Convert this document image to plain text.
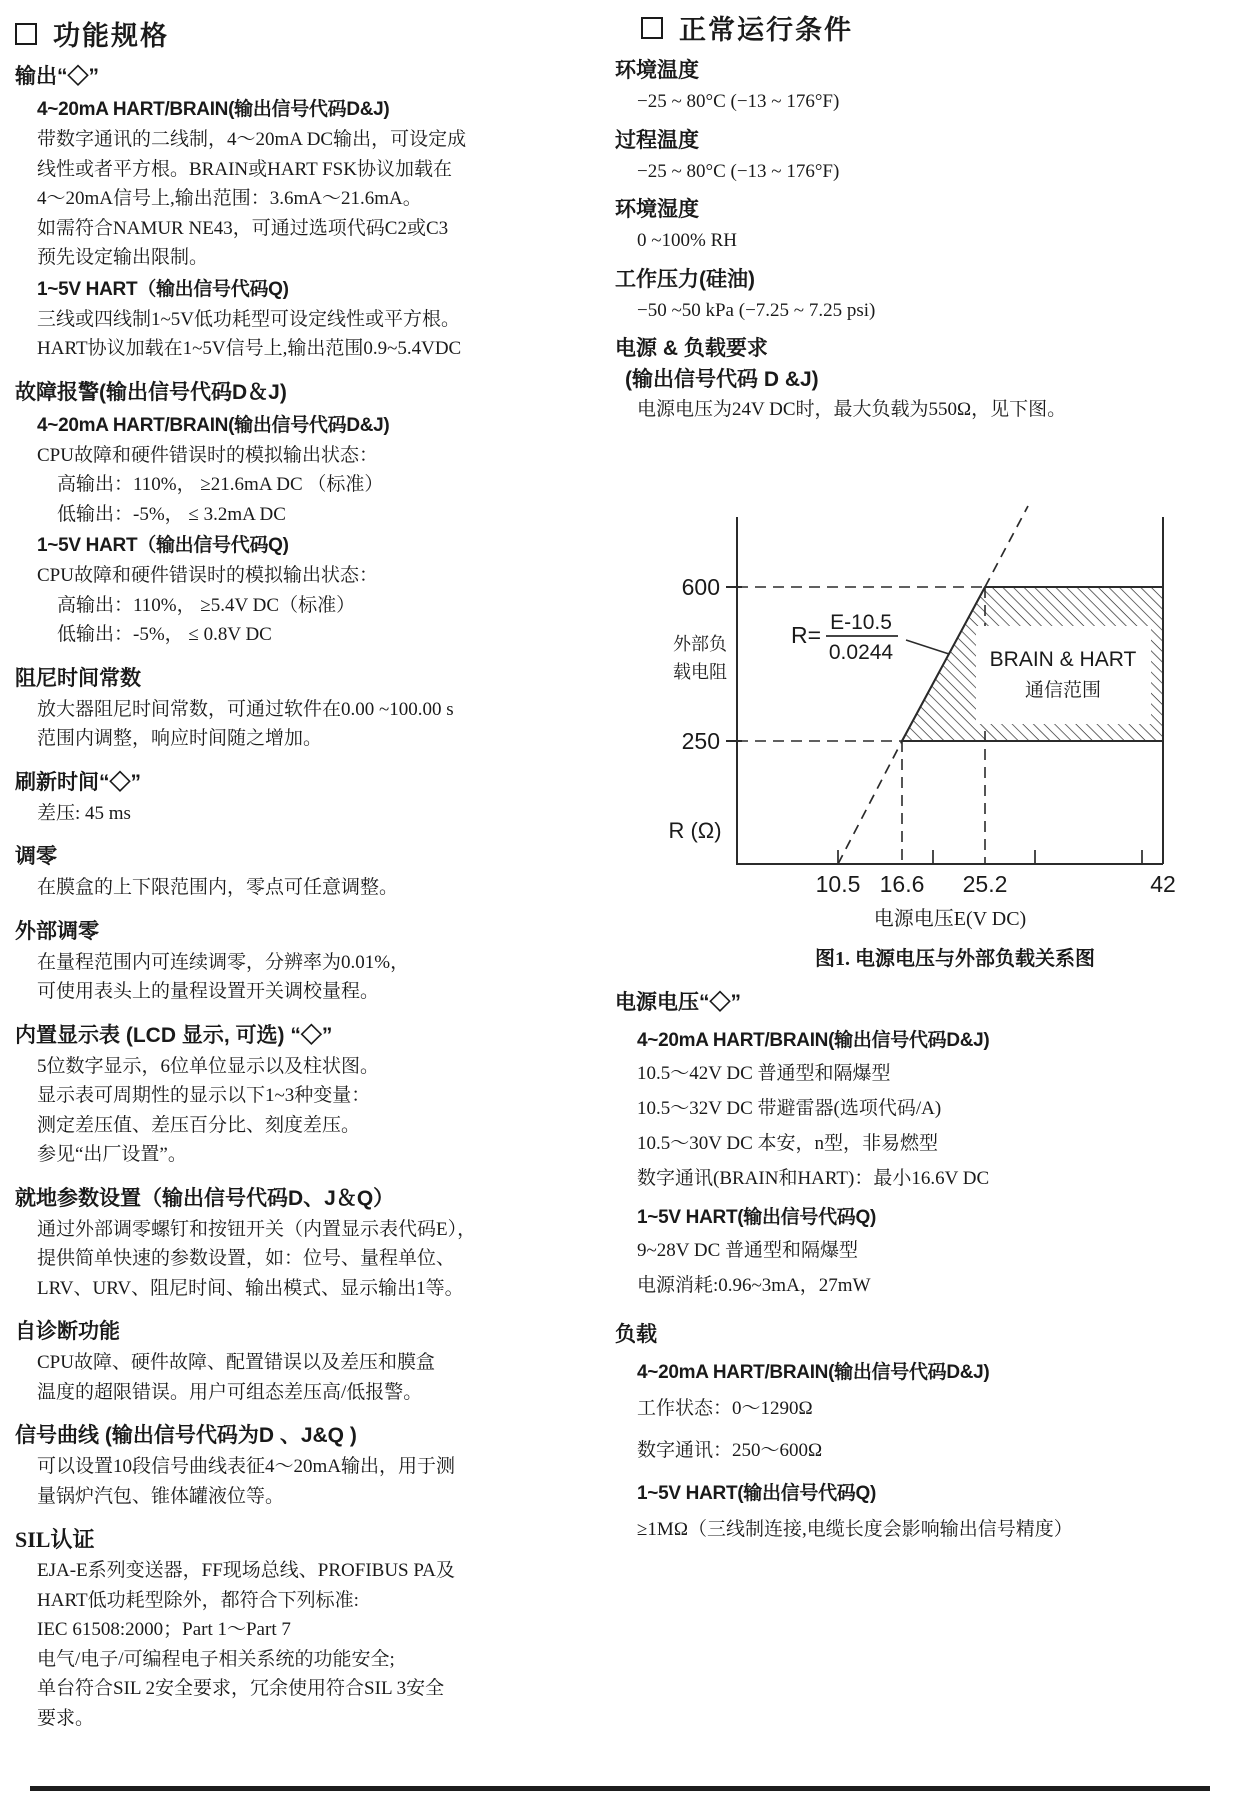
功能规格
输出“◇”
4~20mA HART/BRAIN(输出信号代码D&J)
带数字通讯的二线制，4～20mA DC输出，可设定成
线性或者平方根。BRAIN或HART FSK协议加载在
4～20mA信号上,输出范围：3.6mA～21.6mA。
如需符合NAMUR NE43，可通过选项代码C2或C3
预先设定输出限制。
1~5V HART（输出信号代码Q)
三线或四线制1~5V低功耗型可设定线性或平方根。
HART协议加载在1~5V信号上,输出范围0.9~5.4VDC
故障报警(输出信号代码D＆J)
4~20mA HART/BRAIN(输出信号代码D&J)
CPU故障和硬件错误时的模拟输出状态：
高输出：110%， ≥21.6mA DC （标准）
低输出：-5%， ≤ 3.2mA DC
1~5V HART（输出信号代码Q)
CPU故障和硬件错误时的模拟输出状态：
高输出：110%， ≥5.4V DC（标准）
低输出：-5%， ≤ 0.8V DC
阻尼时间常数
放大器阻尼时间常数，可通过软件在0.00 ~100.00 s
范围内调整，响应时间随之增加。
刷新时间“◇”
差压: 45 ms
调零
在膜盒的上下限范围内，零点可任意调整。
外部调零
在量程范围内可连续调零，分辨率为0.01%，
可使用表头上的量程设置开关调校量程。
内置显示表 (LCD 显示, 可选) “◇”
5位数字显示，6位单位显示以及柱状图。
显示表可周期性的显示以下1~3种变量：
测定差压值、差压百分比、刻度差压。
参见“出厂设置”。
就地参数设置（输出信号代码D、J＆Q）
通过外部调零螺钉和按钮开关（内置显示表代码E），
提供简单快速的参数设置，如：位号、量程单位、
LRV、URV、阻尼时间、输出模式、显示输出1等。
自诊断功能
CPU故障、硬件故障、配置错误以及差压和膜盒
温度的超限错误。用户可组态差压高/低报警。
信号曲线 (输出信号代码为D 、J&Q )
可以设置10段信号曲线表征4～20mA输出，用于测
量锅炉汽包、锥体罐液位等。
SIL认证
EJA-E系列变送器，FF现场总线、PROFIBUS PA及
HART低功耗型除外，都符合下列标准:
IEC 61508:2000；Part 1～Part 7
电气/电子/可编程电子相关系统的功能安全;
单台符合SIL 2安全要求，冗余使用符合SIL 3安全
要求。
正常运行条件
环境温度
−25 ~ 80°C (−13 ~ 176°F)
过程温度
−25 ~ 80°C (−13 ~ 176°F)
环境湿度
0 ~100% RH
工作压力(硅油)
−50 ~50 kPa (−7.25 ~ 7.25 psi)
电源 & 负载要求
(输出信号代码 D &J)
电源电压为24V DC时，最大负载为550Ω，见下图。
BRAIN & HART
通信范围
R= E-10.5
0.0244
600
250
外部负
载电阻
R (Ω)
10.5 16.6 25.2	42
电源电压E(V DC)
图1. 电源电压与外部负载关系图
电源电压“◇”
4~20mA HART/BRAIN(输出信号代码D&J)
10.5～42V DC 普通型和隔爆型
10.5～32V DC 带避雷器(选项代码/A)
10.5～30V DC 本安，n型，非易燃型
数字通讯(BRAIN和HART)：最小16.6V DC
1~5V HART(输出信号代码Q)
9~28V DC 普通型和隔爆型
电源消耗:0.96~3mA，27mW
负载
4~20mA HART/BRAIN(输出信号代码D&J)
工作状态：0～1290Ω
数字通讯：250～600Ω
1~5V HART(输出信号代码Q)
≥1MΩ（三线制连接,电缆长度会影响输出信号精度）
